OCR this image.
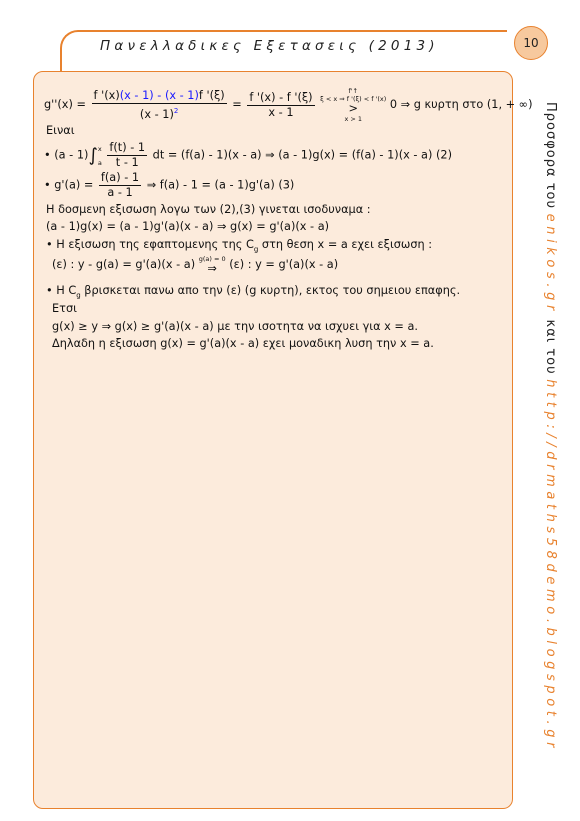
Πανελλαδικες Εξετασεις (2013)	10
Προσφορα του enikos.gr και του http://drmaths58demo.blogspot.gr
$g''(x) = \frac{f '(x)(x - 1) - (x - 1)f '(\xi)}{(x - 1)^2} = \frac{f '(x) - f '(\xi)}{x - 1}$
	f'↑
ξ < x ⇒ f '(ξ) < f '(x)
>
x > 1
0 ⇒ g κυρτη στο (1, + ∞)
Ειναι
• (a - 1)∫ x
a
$\frac{f(t) - 1}{t - 1}$ dt = (f(a) - 1)(x - a) ⇒ (a - 1)g(x) = (f(a) - 1)(x - a) (2)
• $g'(a) = \frac{f(a) - 1}{a - 1}$ ⇒ f(a) - 1 = (a - 1)g'(a) (3)
Η δοσμενη εξισωση λογω των (2),(3) γινεται ισοδυναμα :
(a - 1)g(x) = (a - 1)g'(a)(x - a) ⇒ g(x) = g'(a)(x - a)
• Η εξισωση της εφαπτομενης της $C_g$ στη θεση x = a εχει εξισωση :
(ε) : y - g(a) = g'(a)(x - a) g(a) = 0
⇒	(ε) : y = g'(a)(x - a)
• Η $C_g$ βρισκεται πανω απο την (ε) (g κυρτη), εκτος του σημειου επαφης.
Ετσι
g(x) ≥ y ⇒ g(x) ≥ g'(a)(x - a) με την ισοτητα να ισχυει για x = a.
Δηλαδη η εξισωση g(x) = g'(a)(x - a) εχει μοναδικη λυση την x = a.
